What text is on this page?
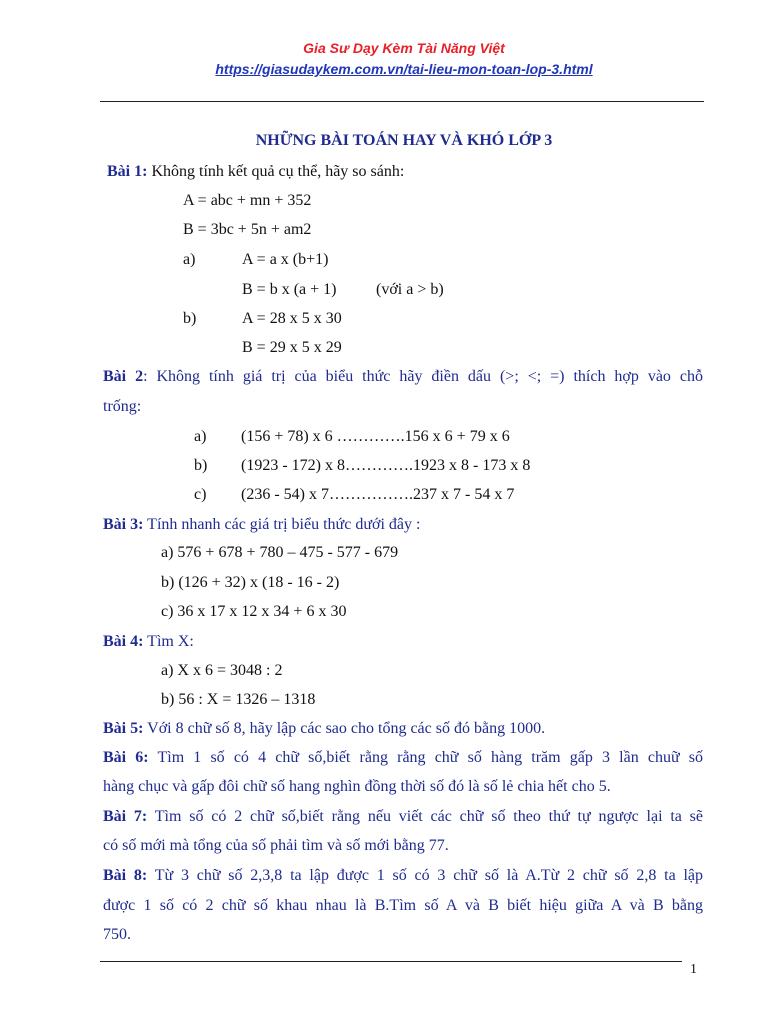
Gia Sư Dạy Kèm Tài Năng Việt
https://giasudaykem.com.vn/tai-lieu-mon-toan-lop-3.html
NHỮNG BÀI TOÁN HAY VÀ KHÓ LỚP 3
Bài 1: Không tính kết quả cụ thể, hãy so sánh:
A = abc + mn + 352
B = 3bc + 5n + am2
a)	A = a x (b+1)
B = b x (a + 1) (với a > b)
b)	A = 28 x 5 x 30
B = 29 x 5 x 29
Bài 2: Không tính giá trị của biểu thức hãy điền dấu (>; <; =) thích hợp vào chỗ
trống:
a) (156 + 78) x 6 ………….156 x 6 + 79 x 6
b) (1923 - 172) x 8………….1923 x 8 - 173 x 8
c) (236 - 54) x 7…………….237 x 7 - 54 x 7
Bài 3: Tính nhanh các giá trị biểu thức dưới đây :
a) 576 + 678 + 780 – 475 - 577 - 679
b) (126 + 32) x (18 - 16 - 2)
c) 36 x 17 x 12 x 34 + 6 x 30
Bài 4: Tìm X:
a) X x 6 = 3048 : 2
b) 56 : X = 1326 – 1318
Bài 5: Với 8 chữ số 8, hãy lập các sao cho tổng các số đó bằng 1000.
Bài 6: Tìm 1 số có 4 chữ số,biết rằng rằng chữ số hàng trăm gấp 3 lần chuữ số
hàng chục và gấp đôi chữ số hang nghìn đồng thời số đó là số lẻ chia hết cho 5.
Bài 7: Tìm số có 2 chữ số,biết rằng nếu viết các chữ số theo thứ tự ngược lại ta sẽ
có số mới mà tổng của số phải tìm và số mới bằng 77.
Bài 8: Từ 3 chữ số 2,3,8 ta lập được 1 số có 3 chữ số là A.Từ 2 chữ số 2,8 ta lập
được 1 số có 2 chữ số khau nhau là B.Tìm số A và B biết hiệu giữa A và B bằng
750.
1
